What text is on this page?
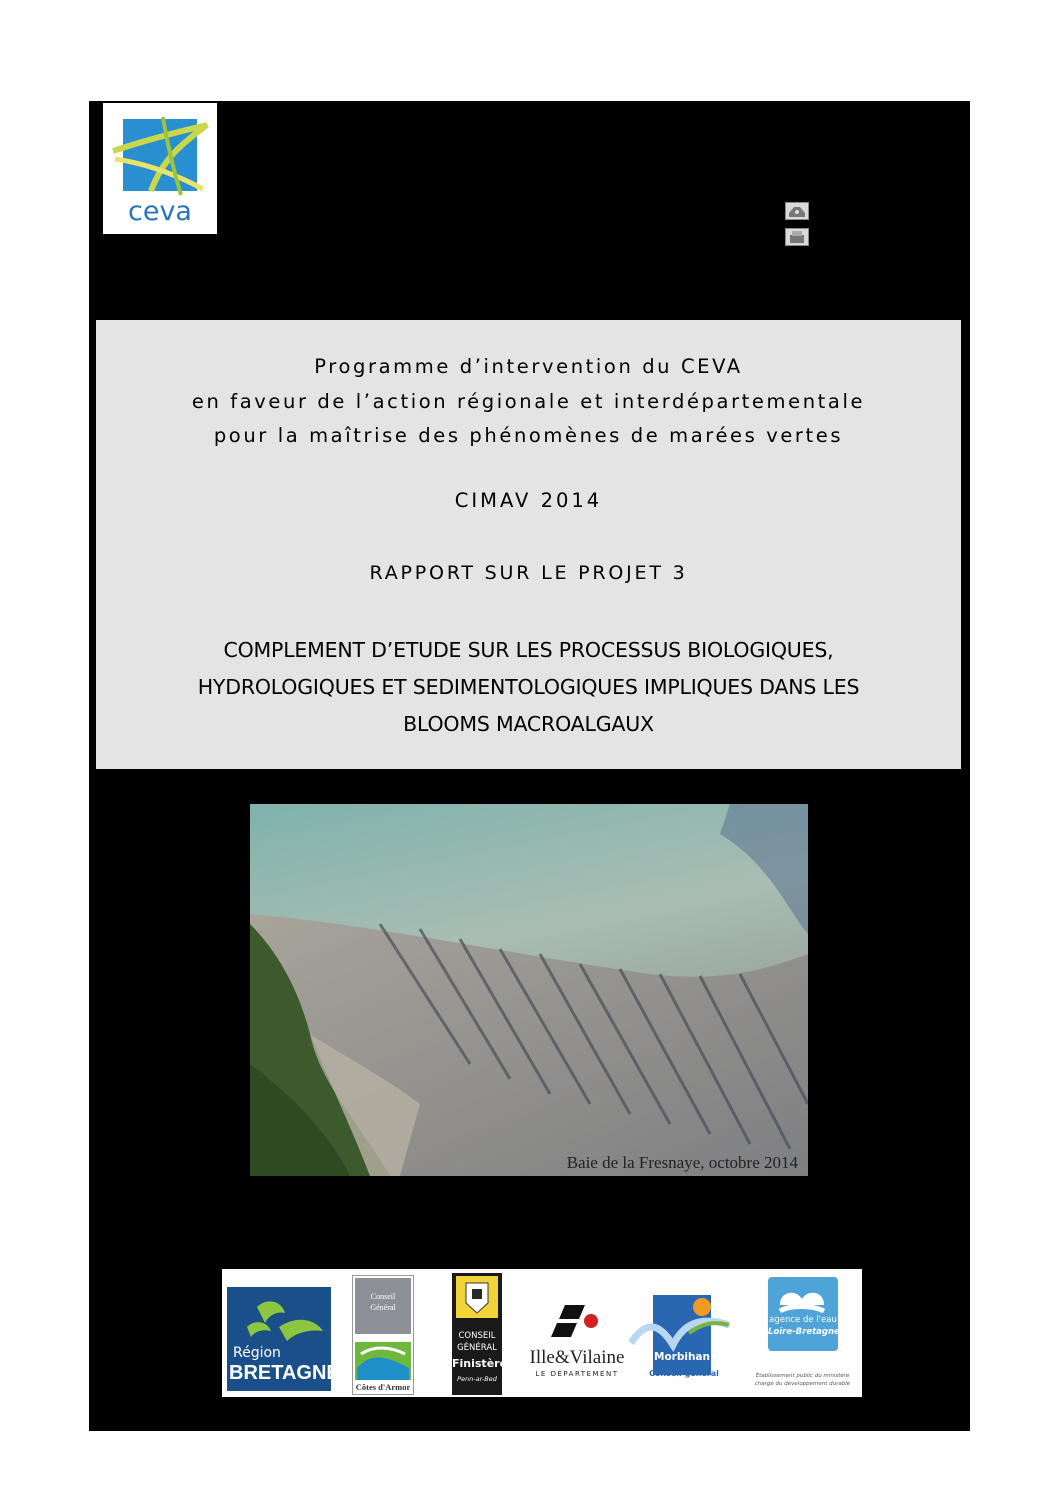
ceva
Programme d’intervention du CEVA
en faveur de l’action régionale et interdépartementale
pour la maîtrise des phénomènes de marées vertes
CIMAV 2014
RAPPORT SUR LE PROJET 3
COMPLEMENT D’ETUDE SUR LES PROCESSUS BIOLOGIQUES,
HYDROLOGIQUES ET SEDIMENTOLOGIQUES IMPLIQUES DANS LES
BLOOMS MACROALGAUX
Baie de la Fresnaye, octobre 2014
Région
BRETAGNE
Conseil
Général
Côtes d'Armor
CONSEIL
GÉNÉRAL
Finistère
Penn-ar-Bed
Ille&Vilaine
LE DÉPARTEMENT
Morbihan
Conseil général
agence de l'eau
Loire-Bretagne
Établissement public du ministère
chargé du développement durable
